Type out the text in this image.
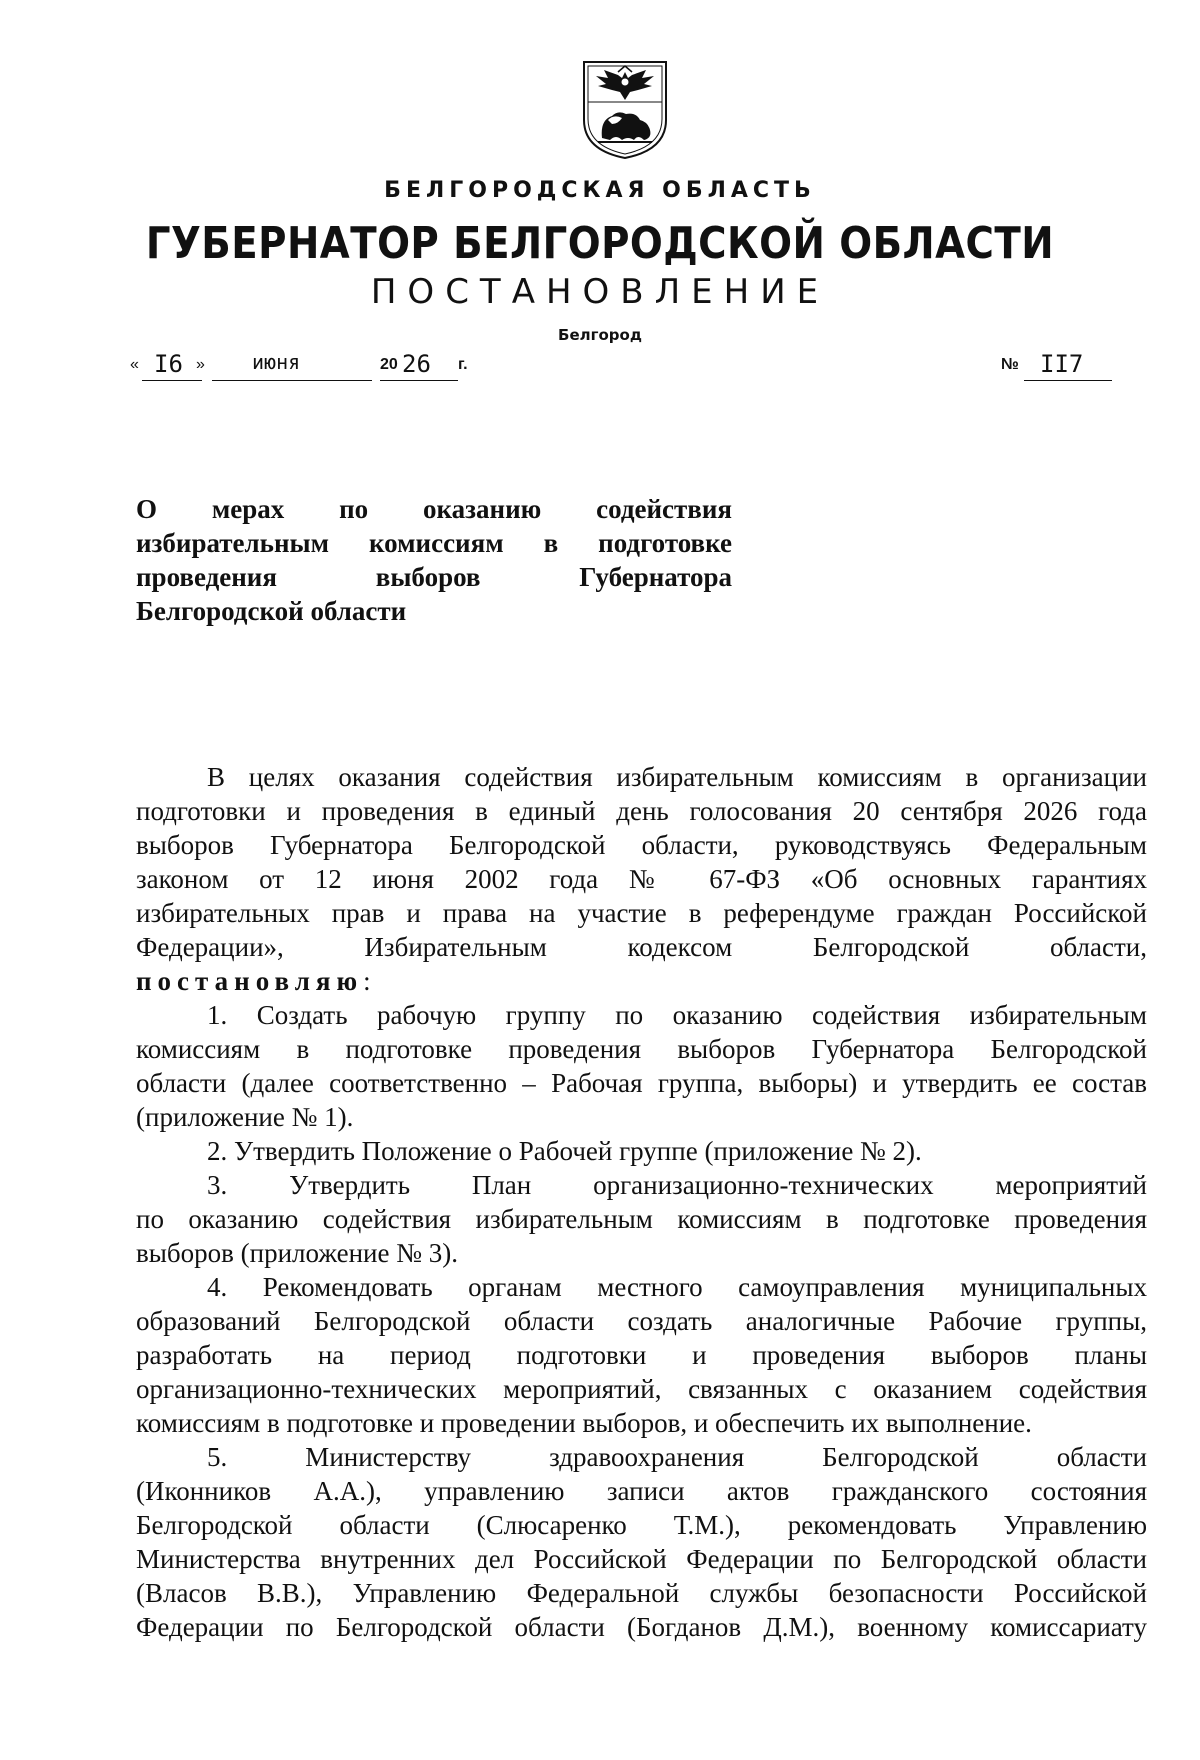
БЕЛГОРОДСКАЯ ОБЛАСТЬ
ГУБЕРНАТОР БЕЛГОРОДСКОЙ ОБЛАСТИ
ПОСТАНОВЛЕНИЕ
Белгород
« I6 » июня	20 26 г.	№ II7
О мерах по оказанию содействия
избирательным комиссиям в подготовке
проведения	выборов	Губернатора
Белгородской области
В целях оказания содействия избирательным комиссиям в организации
подготовки и проведения в единый день голосования 20 сентября 2026 года
выборов Губернатора Белгородской области, руководствуясь Федеральным
законом от 12 июня 2002 года № 67-ФЗ «Об основных гарантиях
избирательных прав и права на участие в референдуме граждан Российской
Федерации», Избирательным кодексом Белгородской области,
постановляю:
1. Создать рабочую группу по оказанию содействия избирательным
комиссиям в подготовке проведения выборов Губернатора Белгородской
области (далее соответственно – Рабочая группа, выборы) и утвердить ее состав
(приложение № 1).
2. Утвердить Положение о Рабочей группе (приложение № 2).
3. Утвердить План организационно-технических мероприятий
по оказанию содействия избирательным комиссиям в подготовке проведения
выборов (приложение № 3).
4. Рекомендовать органам местного самоуправления муниципальных
образований Белгородской области создать аналогичные Рабочие группы,
разработать на период подготовки и проведения выборов планы
организационно-технических мероприятий, связанных с оказанием содействия
комиссиям в подготовке и проведении выборов, и обеспечить их выполнение.
5. Министерству здравоохранения Белгородской области
(Иконников А.А.), управлению записи актов гражданского состояния
Белгородской области (Слюсаренко Т.М.), рекомендовать Управлению
Министерства внутренних дел Российской Федерации по Белгородской области
(Власов В.В.), Управлению Федеральной службы безопасности Российской
Федерации по Белгородской области (Богданов Д.М.), военному комиссариату
